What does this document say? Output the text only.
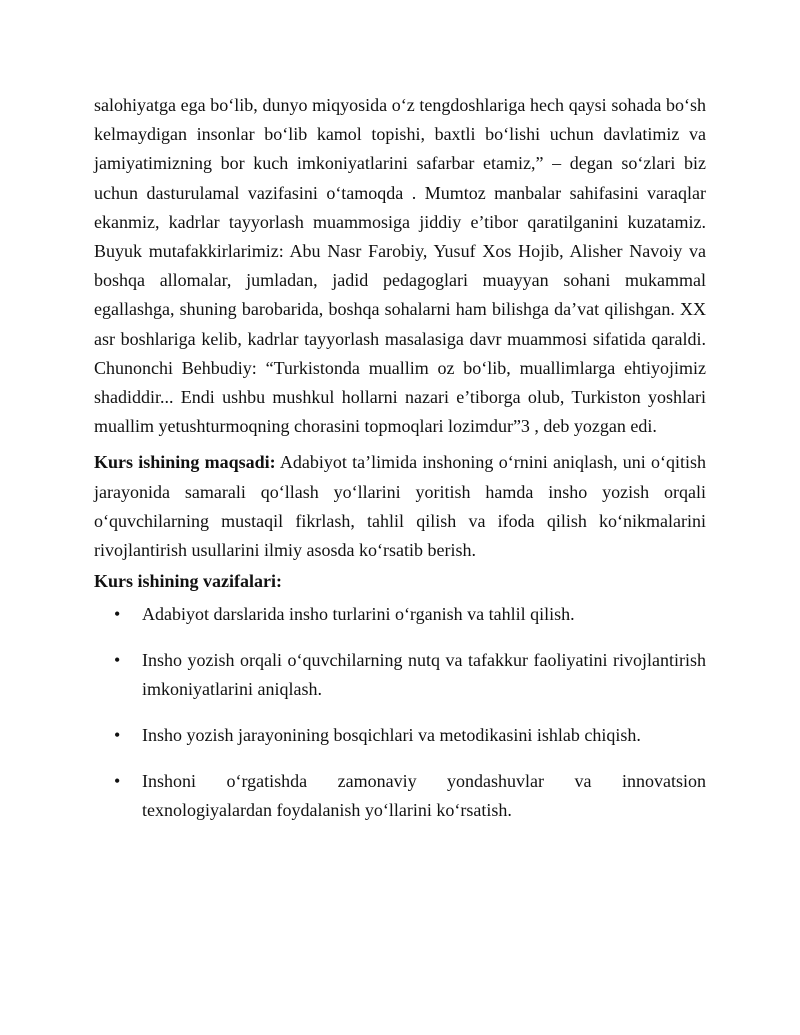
salohiyatga ega bo‘lib, dunyo miqyosida o‘z tengdoshlariga hech qaysi sohada bo‘sh kelmaydigan insonlar bo‘lib kamol topishi, baxtli bo‘lishi uchun davlatimiz va jamiyatimizning bor kuch imkoniyatlarini safarbar etamiz,” – degan so‘zlari biz uchun dasturulamal vazifasini o‘tamoqda . Mumtoz manbalar sahifasini varaqlar ekanmiz, kadrlar tayyorlash muammosiga jiddiy e’tibor qaratilganini kuzatamiz. Buyuk mutafakkirlarimiz: Abu Nasr Farobiy, Yusuf Xos Hojib, Alisher Navoiy va boshqa allomalar, jumladan, jadid pedagoglari muayyan sohani mukammal egallashga, shuning barobarida, boshqa sohalarni ham bilishga da’vat qilishgan. XX asr boshlariga kelib, kadrlar tayyorlash masalasiga davr muammosi sifatida qaraldi. Chunonchi Behbudiy: “Turkistonda muallim oz bo‘lib, muallimlarga ehtiyojimiz shadiddir... Endi ushbu mushkul hollarni nazari e’tiborga olub, Turkiston yoshlari muallim yetushturmoqning chorasini topmoqlari lozimdur”3 , deb yozgan edi.

Kurs ishining maqsadi: Adabiyot ta’limida inshoning o‘rnini aniqlash, uni o‘qitish jarayonida samarali qo‘llash yo‘llarini yoritish hamda insho yozish orqali o‘quvchilarning mustaqil fikrlash, tahlil qilish va ifoda qilish ko‘nikmalarini rivojlantirish usullarini ilmiy asosda ko‘rsatib berish.

Kurs ishining vazifalari:

• Adabiyot darslarida insho turlarini o‘rganish va tahlil qilish.
• Insho yozish orqali o‘quvchilarning nutq va tafakkur faoliyatini rivojlantirish imkoniyatlarini aniqlash.
• Insho yozish jarayonining bosqichlari va metodikasini ishlab chiqish.
• Inshoni o‘rgatishda zamonaviy yondashuvlar va innovatsion texnologiyalardan foydalanish yo‘llarini ko‘rsatish.
